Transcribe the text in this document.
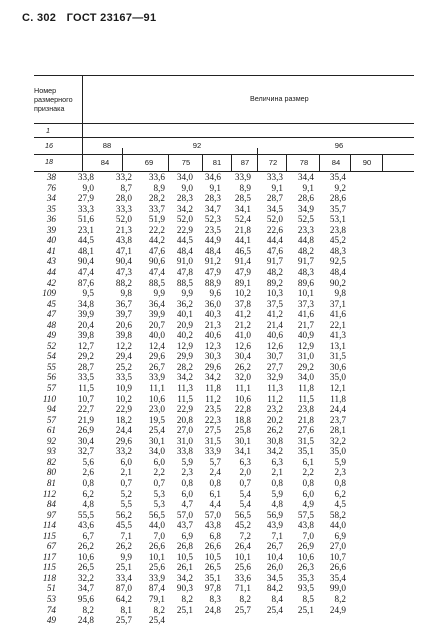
С. 302 ГОСТ 23167—91
Номер размерного признака
Величина размер
1
16
18
88	92	96
84	69	75	81	87	72	78	84	90
38	33,8	33,2	33,6	34,0	34,6	33,9	33,3	34,4	35,4
76	9,0	8,7	8,9	9,0	9,1	8,9	9,1	9,1	9,2
34	27,9	28,0	28,2	28,3	28,3	28,5	28,7	28,6	28,6
35	33,3	33,3	33,7	34,2	34,7	34,1	34,5	34,9	35,7
36	51,6	52,0	51,9	52,0	52,3	52,4	52,0	52,5	53,1
39	23,1	21,3	22,2	22,9	23,5	21,8	22,6	23,3	23,8
40	44,5	43,8	44,2	44,5	44,9	44,1	44,4	44,8	45,2
41	48,1	47,1	47,6	48,4	48,4	46,5	47,6	48,2	48,3
43	90,4	90,4	90,6	91,0	91,2	91,4	91,7	91,7	92,5
44	47,4	47,3	47,4	47,8	47,9	47,9	48,2	48,3	48,4
42	87,6	88,2	88,5	88,5	88,9	89,1	89,2	89,6	90,2
109	9,5	9,8	9,9	9,9	9,6	10,2	10,3	10,1	9,8
45	34,8	36,7	36,4	36,2	36,0	37,8	37,5	37,3	37,1
47	39,9	39,7	39,9	40,1	40,3	41,2	41,2	41,6	41,6
48	20,4	20,6	20,7	20,9	21,3	21,2	21,4	21,7	22,1
49	39,8	39,8	40,0	40,2	40,6	41,0	40,6	40,9	41,3
52	12,7	12,2	12,4	12,9	12,3	12,6	12,6	12,9	13,1
54	29,2	29,4	29,6	29,9	30,3	30,4	30,7	31,0	31,5
55	28,7	25,2	26,7	28,2	29,6	26,2	27,7	29,2	30,6
56	33,5	33,5	33,9	34,2	34,2	32,0	32,9	34,0	35,0
57	11,5	10,9	11,1	11,3	11,8	11,1	11,3	11,8	12,1
110	10,7	10,2	10,6	11,5	11,2	10,6	11,2	11,5	11,8
94	22,7	22,9	23,0	22,9	23,5	22,8	23,2	23,8	24,4
57	21,9	18,2	19,5	20,8	22,3	18,8	20,2	21,8	23,7
61	26,9	24,4	25,4	27,0	27,5	25,8	26,2	27,6	28,1
92	30,4	29,6	30,1	31,0	31,5	30,1	30,8	31,5	32,2
93	32,7	33,2	34,0	33,8	33,9	34,1	34,2	35,1	35,0
82	5,6	6,0	6,0	5,9	5,7	6,3	6,3	6,1	5,9
80	2,6	2,1	2,2	2,3	2,4	2,0	2,1	2,2	2,3
81	0,8	0,7	0,7	0,8	0,8	0,7	0,8	0,8	0,8
112	6,2	5,2	5,3	6,0	6,1	5,4	5,9	6,0	6,2
84	4,8	5,5	5,3	4,7	4,4	5,4	4,8	4,9	4,5
97	55,5	56,2	56,5	57,0	57,0	56,5	56,9	57,5	58,2
114	43,6	45,5	44,0	43,7	43,8	45,2	43,9	43,8	44,0
115	6,7	7,1	7,0	6,9	6,8	7,2	7,1	7,0	6,9
67	26,2	26,2	26,6	26,8	26,6	26,4	26,7	26,9	27,0
117	10,6	9,9	10,1	10,5	10,5	10,1	10,4	10,6	10,7
115	26,5	25,1	25,6	26,1	26,5	25,6	26,0	26,3	26,6
118	32,2	33,4	33,9	34,2	35,1	33,6	34,5	35,3	35,4
51	34,7	87,0	87,4	90,3	97,8	71,1	84,2	93,5	99,0
53	95,6	64,2	79,1	8,2	8,3	8,2	8,4	8,5	8,2
74	8,2	8,1	8,2	25,1	24,8	25,7	25,4	25,1	24,9
49	24,8	25,7	25,4
